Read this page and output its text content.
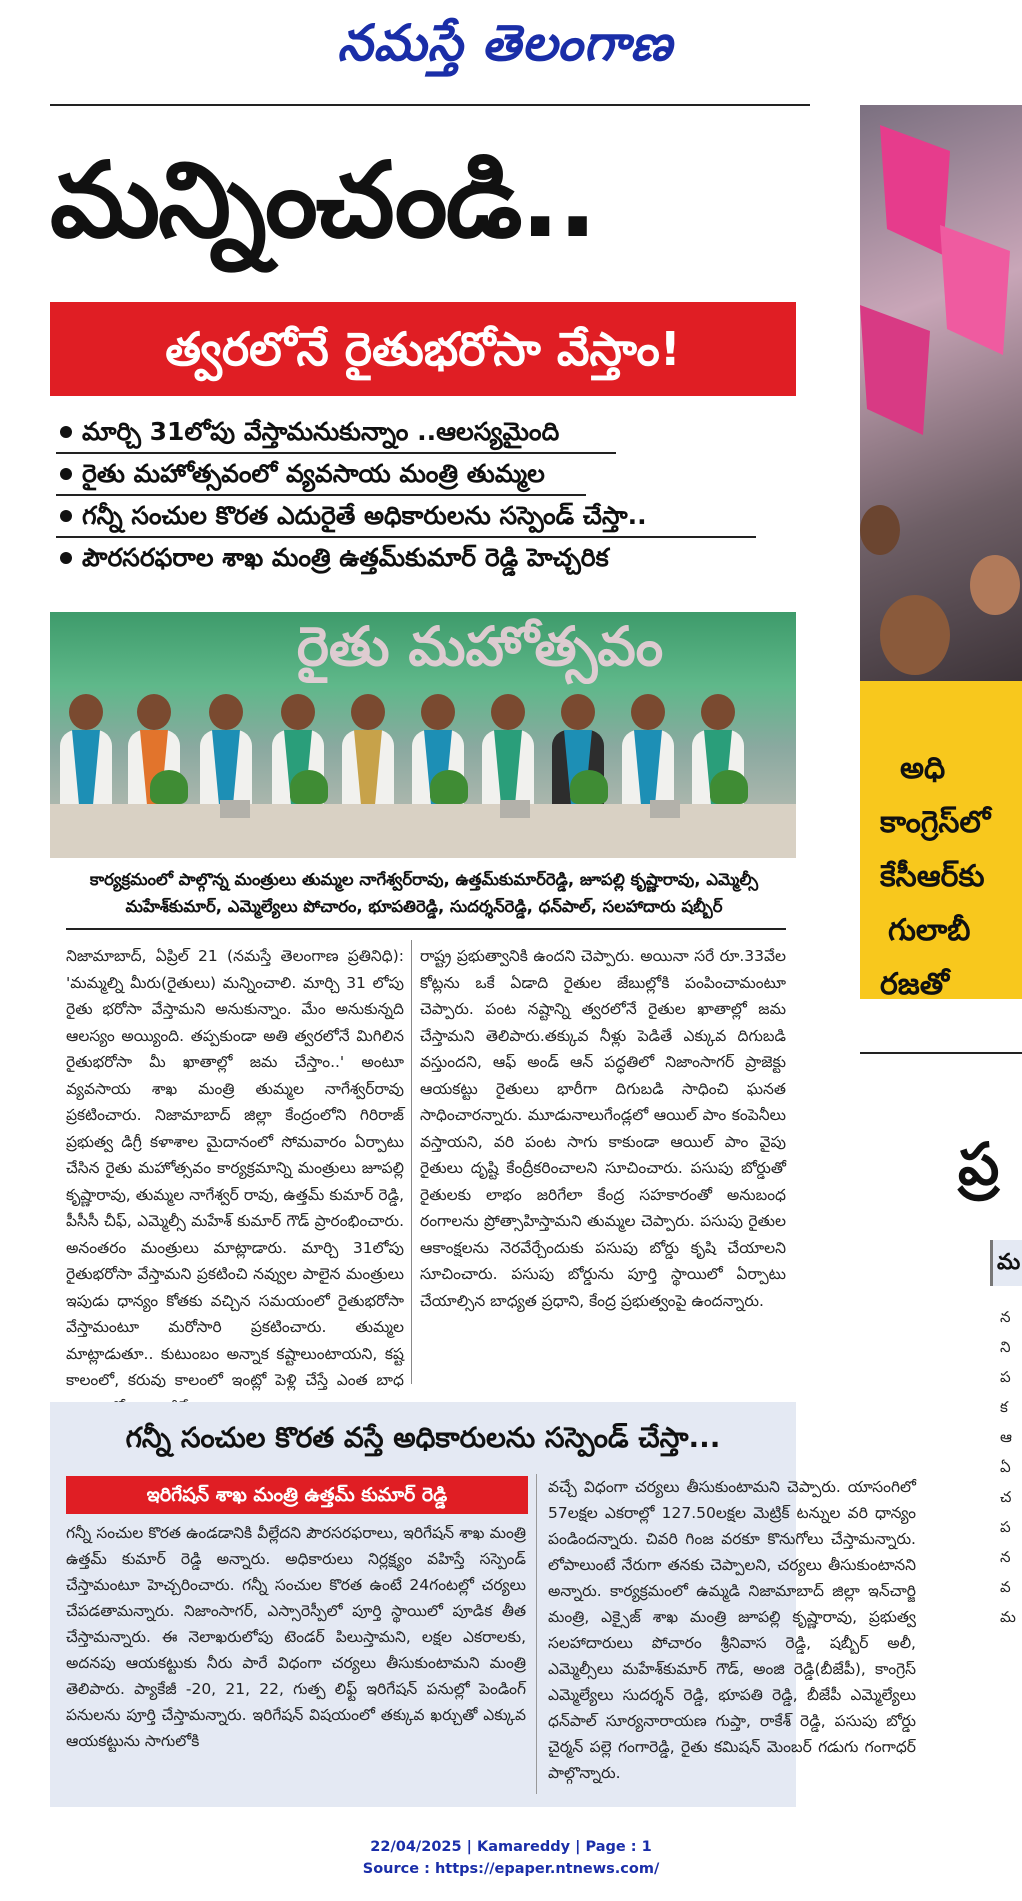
నమస్తే తెలంగాణ
మన్నించండి..
త్వరలోనే రైతుభరోసా వేస్తాం!
మార్చి 31లోపు వేస్తామనుకున్నాం ..ఆలస్యమైంది
రైతు మహోత్సవంలో వ్యవసాయ మంత్రి తుమ్మల
గన్నీ సంచుల కొరత ఎదురైతే అధికారులను సస్పెండ్ చేస్తా..
పౌరసరఫరాల శాఖ మంత్రి ఉత్తమ్‌కుమార్ రెడ్డి హెచ్చరిక
రైతు మహోత్సవం
కార్యక్రమంలో పాల్గొన్న మంత్రులు తుమ్మల నాగేశ్వర్‌రావు, ఉత్తమ్‌కుమార్‌రెడ్డి, జూపల్లి కృష్ణారావు, ఎమ్మెల్సీ మహేశ్‌కుమార్, ఎమ్మెల్యేలు పోచారం, భూపతిరెడ్డి, సుదర్శన్‌రెడ్డి, ధన్‌పాల్, సలహాదారు షబ్బీర్
నిజామాబాద్, ఏప్రిల్ 21 (నమస్తే తెలంగాణ ప్రతినిధి): 'మమ్మల్ని మీరు(రైతులు) మన్నించాలి. మార్చి 31 లోపు రైతు భరోసా వేస్తామని అనుకున్నాం. మేం అనుకున్నది ఆలస్యం అయ్యింది. తప్పకుండా అతి త్వరలోనే మిగిలిన రైతుభరోసా మీ ఖాతాల్లో జమ చేస్తాం..' అంటూ వ్యవసాయ శాఖ మంత్రి తుమ్మల నాగేశ్వర్‌రావు ప్రకటించారు. నిజామాబాద్ జిల్లా కేంద్రంలోని గిరిరాజ్ ప్రభుత్వ డిగ్రీ కళాశాల మైదానంలో సోమవారం ఏర్పాటు చేసిన రైతు మహోత్సవం కార్యక్రమాన్ని మంత్రులు జూపల్లి కృష్ణారావు, తుమ్మల నాగేశ్వర్ రావు, ఉత్తమ్ కుమార్ రెడ్డి, పీసీసీ చీఫ్, ఎమ్మెల్సీ మహేశ్ కుమార్ గౌడ్ ప్రారంభించారు. అనంతరం మంత్రులు మాట్లాడారు. మార్చి 31లోపు రైతుభరోసా వేస్తామని ప్రకటించి నవ్వుల పాలైన మంత్రులు ఇపుడు ధాన్యం కోతకు వచ్చిన సమయంలో రైతుభరోసా వేస్తామంటూ మరోసారి ప్రకటించారు. తుమ్మల మాట్లాడుతూ.. కుటుంబం అన్నాక కష్టాలుంటాయని, కష్ట కాలంలో, కరువు కాలంలో ఇంట్లో పెళ్లి చేస్తే ఎంత బాధ
రాష్ట్ర ప్రభుత్వానికి ఉందని చెప్పారు. అయినా సరే రూ.33వేల కోట్లను ఒకే ఏడాది రైతుల జేబుల్లోకి పంపించామంటూ చెప్పారు. పంట నష్టాన్ని త్వరలోనే రైతుల ఖాతాల్లో జమ చేస్తామని తెలిపారు.తక్కువ నీళ్లు పెడితే ఎక్కువ దిగుబడి వస్తుందని, ఆఫ్ అండ్ ఆన్ పద్ధతిలో నిజాంసాగర్ ప్రాజెక్టు ఆయకట్టు రైతులు భారీగా దిగుబడి సాధించి ఘనత సాధించారన్నారు. మూడునాలుగేండ్లలో ఆయిల్ పాం కంపెనీలు వస్తాయని, వరి పంట సాగు కాకుండా ఆయిల్ పాం వైపు రైతులు దృష్టి కేంద్రీకరించాలని సూచించారు. పసుపు బోర్డుతో రైతులకు లాభం జరిగేలా కేంద్ర సహకారంతో అనుబంధ రంగాలను ప్రోత్సాహిస్తామని తుమ్మల చెప్పారు. పసుపు రైతుల ఆకాంక్షలను నెరవేర్చేందుకు పసుపు బోర్డు కృషి చేయాలని సూచించారు. పసుపు బోర్డును పూర్తి స్థాయిలో ఏర్పాటు చేయాల్సిన బాధ్యత ప్రధాని, కేంద్ర ప్రభుత్వంపై ఉందన్నారు.
గన్నీ సంచుల కొరత వస్తే అధికారులను సస్పెండ్ చేస్తా...
ఇరిగేషన్ శాఖ మంత్రి ఉత్తమ్ కుమార్ రెడ్డి
గన్నీ సంచుల కొరత ఉండడానికి వీల్లేదని పౌరసరఫరాలు, ఇరిగేషన్ శాఖ మంత్రి ఉత్తమ్ కుమార్ రెడ్డి అన్నారు. అధికారులు నిర్లక్ష్యం వహిస్తే సస్పెండ్ చేస్తామంటూ హెచ్చరించారు. గన్నీ సంచుల కొరత ఉంటే 24గంటల్లో చర్యలు చేపడతామన్నారు. నిజాంసాగర్, ఎస్సారెస్పీలో పూర్తి స్థాయిలో పూడిక తీత చేస్తామన్నారు. ఈ నెలాఖరులోపు టెండర్ పిలుస్తామని, లక్షల ఎకరాలకు, అదనపు ఆయకట్టుకు నీరు పారే విధంగా చర్యలు తీసుకుంటామని మంత్రి తెలిపారు. ప్యాకేజీ -20, 21, 22, గుత్ప లిఫ్ట్ ఇరిగేషన్ పనుల్లో పెండింగ్ పనులను పూర్తి చేస్తామన్నారు. ఇరిగేషన్ విషయంలో తక్కువ ఖర్చుతో ఎక్కువ ఆయకట్టును సాగులోకి
వచ్చే విధంగా చర్యలు తీసుకుంటామని చెప్పారు. యాసంగిలో 57లక్షల ఎకరాల్లో 127.50లక్షల మెట్రిక్ టన్నుల వరి ధాన్యం పండిందన్నారు. చివరి గింజ వరకూ కొనుగోలు చేస్తామన్నారు. లోపాలుంటే నేరుగా తనకు చెప్పాలని, చర్యలు తీసుకుంటానని అన్నారు. కార్యక్రమంలో ఉమ్మడి నిజామాబాద్ జిల్లా ఇన్‌చార్జి మంత్రి, ఎక్సైజ్ శాఖ మంత్రి జూపల్లి కృష్ణారావు, ప్రభుత్వ సలహాదారులు పోచారం శ్రీనివాస రెడ్డి, షబ్బీర్ అలీ, ఎమ్మెల్సీలు మహేశ్‌కుమార్ గౌడ్, అంజి రెడ్డి(బీజేపీ), కాంగ్రెస్ ఎమ్మెల్యేలు సుదర్శన్ రెడ్డి, భూపతి రెడ్డి, బీజేపీ ఎమ్మెల్యేలు ధన్‌పాల్ సూర్యనారాయణ గుప్తా, రాకేశ్ రెడ్డి, పసుపు బోర్డు చైర్మన్ పల్లె గంగారెడ్డి, రైతు కమిషన్ మెంబర్ గడుగు గంగాధర్ పాల్గొన్నారు.
అధి
కాంగ్రెస్‌లో
కేసీఆర్‌కు
గులాబీ
రజతో
ప్ర
మ
న
ని
ప
క
ఆ
ఏ
చ
ప
న
వ
మ
22/04/2025 | Kamareddy | Page : 1
Source : https://epaper.ntnews.com/
